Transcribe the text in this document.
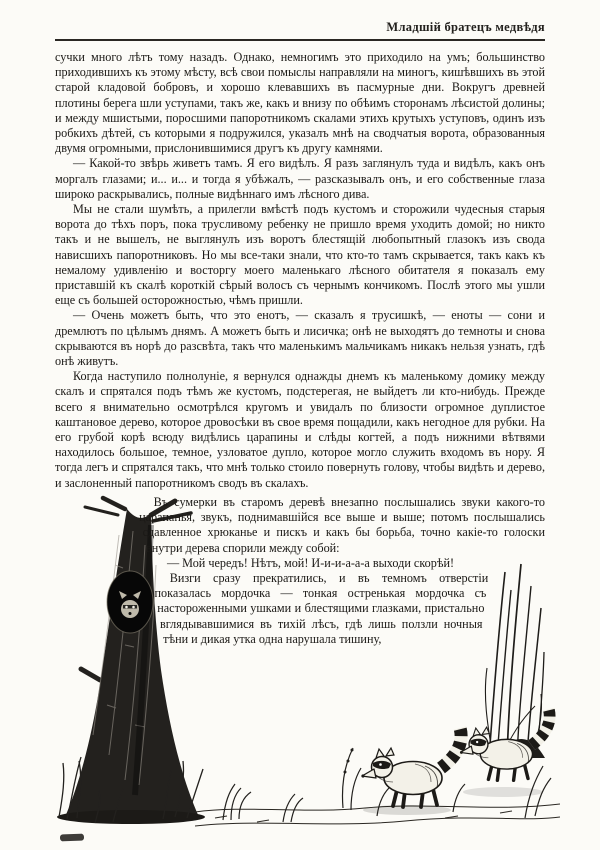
Младшій братецъ медвѣдя

сучки много лѣтъ тому назадъ. Однако, немногимъ это приходило на умъ; большинство приходившихъ къ этому мѣсту, всѣ свои помыслы направляли на миногъ, кишѣвшихъ въ этой старой кладовой бобровъ, и хорошо клевавшихъ въ пасмурные дни. Вокругъ древней плотины берега шли уступами, такъ же, какъ и внизу по обѣимъ сторонамъ лѣсистой долины; и между мшистыми, поросшими папоротникомъ скалами этихъ крутыхъ уступовъ, одинъ изъ робкихъ дѣтей, съ которыми я подружился, указалъ мнѣ на сводчатыя ворота, образованныя двумя огромными, прислонившимися другъ къ другу камнями.

— Какой-то звѣрь живетъ тамъ. Я его видѣлъ. Я разъ заглянулъ туда и видѣлъ, какъ онъ моргалъ глазами; и... и... и тогда я убѣжалъ, — разсказывалъ онъ, и его собственные глаза широко раскрывались, полные видѣннаго имъ лѣсного дива.

Мы не стали шумѣть, а прилегли вмѣстѣ подъ кустомъ и сторожили чудесныя старыя ворота до тѣхъ поръ, пока трусливому ребенку не пришло время уходить домой; но никто такъ и не вышелъ, не выглянулъ изъ воротъ блестящій любопытный глазокъ изъ свода нависшихъ папоротниковъ. Но мы все-таки знали, что кто-то тамъ скрывается, такъ какъ къ немалому удивленію и восторгу моего маленькаго лѣсного обитателя я показалъ ему приставшій къ скалѣ короткій сѣрый волосъ съ чернымъ кончикомъ. Послѣ этого мы ушли еще съ большей осторожностью, чѣмъ пришли.

— Очень можетъ быть, что это енотъ, — сказалъ я трусишкѣ, — еноты — сони и дремлютъ по цѣлымъ днямъ. А можетъ быть и лисичка; онѣ не выходятъ до темноты и снова скрываются въ норѣ до разсвѣта, такъ что маленькимъ мальчикамъ никакъ нельзя узнать, гдѣ онѣ живутъ.

Когда наступило полнолуніе, я вернулся однажды днемъ къ маленькому домику между скалъ и спрятался подъ тѣмъ же кустомъ, подстерегая, не выйдетъ ли кто-нибудь. Прежде всего я внимательно осмотрѣлся кругомъ и увидалъ по близости огромное дуплистое каштановое дерево, которое дровосѣки въ свое время пощадили, какъ негодное для рубки. На его грубой корѣ всюду видѣлись царапины и слѣды когтей, а подъ нижними вѣтвями находилось большое, темное, узловатое дупло, которое могло служить входомъ въ нору. Я тогда легъ и спрятался такъ, что мнѣ только стоило повернуть голову, чтобы видѣть и дерево, и заслоненный папоротникомъ сводъ въ скалахъ.

Въ сумерки въ старомъ деревѣ внезапно послышались звуки какого-то царапанья, звукъ, поднимавшійся все выше и выше; потомъ послышались сдавленное хрюканье и пискъ и какъ бы борьба, точно какіе-то голоски внутри дерева спорили между собой:

— Мой чередъ! Нѣтъ, мой! И-и-и-а-а-а выходи скорѣй!

Визги сразу прекратились, и въ темномъ отверстіи показалась мордочка — тонкая остренькая мордочка съ настороженными ушками и блестящими глазками, пристально вглядывавшимися въ тихій лѣсъ, гдѣ лишь ползли ночныя тѣни и дикая утка одна нарушала тишину,
